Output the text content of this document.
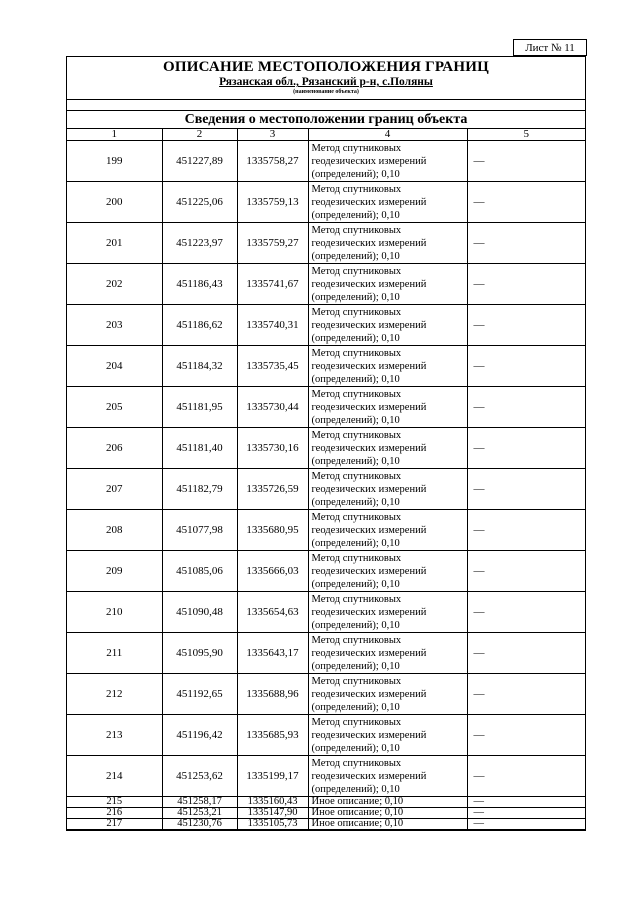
Лист № 11
ОПИСАНИЕ МЕСТОПОЛОЖЕНИЯ ГРАНИЦ
Рязанская обл., Рязанский р-н, с.Поляны
(наименование объекта)
Сведения о местоположении границ объекта
1	2	3	4	5
199	451227,89	1335758,27	Метод спутниковых геодезических измерений (определений); 0,10	—
200	451225,06	1335759,13	Метод спутниковых геодезических измерений (определений); 0,10	—
201	451223,97	1335759,27	Метод спутниковых геодезических измерений (определений); 0,10	—
202	451186,43	1335741,67	Метод спутниковых геодезических измерений (определений); 0,10	—
203	451186,62	1335740,31	Метод спутниковых геодезических измерений (определений); 0,10	—
204	451184,32	1335735,45	Метод спутниковых геодезических измерений (определений); 0,10	—
205	451181,95	1335730,44	Метод спутниковых геодезических измерений (определений); 0,10	—
206	451181,40	1335730,16	Метод спутниковых геодезических измерений (определений); 0,10	—
207	451182,79	1335726,59	Метод спутниковых геодезических измерений (определений); 0,10	—
208	451077,98	1335680,95	Метод спутниковых геодезических измерений (определений); 0,10	—
209	451085,06	1335666,03	Метод спутниковых геодезических измерений (определений); 0,10	—
210	451090,48	1335654,63	Метод спутниковых геодезических измерений (определений); 0,10	—
211	451095,90	1335643,17	Метод спутниковых геодезических измерений (определений); 0,10	—
212	451192,65	1335688,96	Метод спутниковых геодезических измерений (определений); 0,10	—
213	451196,42	1335685,93	Метод спутниковых геодезических измерений (определений); 0,10	—
214	451253,62	1335199,17	Метод спутниковых геодезических измерений (определений); 0,10	—
215	451258,17	1335160,43	Иное описание; 0,10	—
216	451253,21	1335147,90	Иное описание; 0,10	—
217	451230,76	1335105,73	Иное описание; 0,10	—
